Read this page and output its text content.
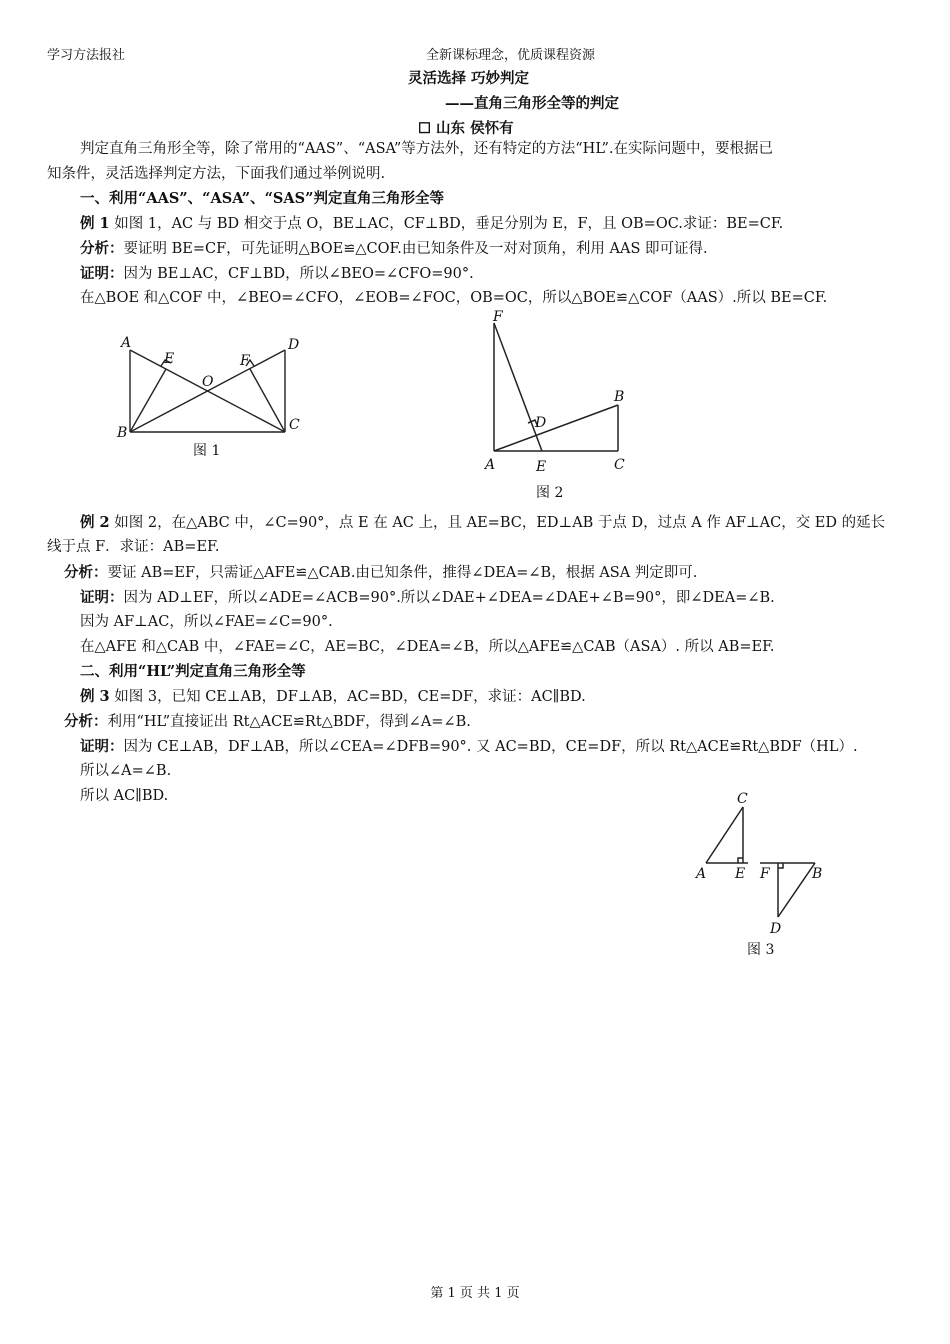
学习方法报社	全新课标理念，优质课程资源
灵活选择 巧妙判定
——直角三角形全等的判定
☐ 山东 侯怀有
判定直角三角形全等，除了常用的“AAS”、“ASA”等方法外，还有特定的方法“HL”.在实际问题中，要根据已
知条件，灵活选择判定方法，下面我们通过举例说明.
一、利用“AAS”、“ASA”、“SAS”判定直角三角形全等
例 1 如图 1，AC 与 BD 相交于点 O，BE⊥AC，CF⊥BD，垂足分别为 E，F，且 OB=OC.求证：BE=CF.
分析：要证明 BE=CF，可先证明△BOE≌△COF.由已知条件及一对对顶角，利用 AAS 即可证得.
证明：因为 BE⊥AC，CF⊥BD，所以∠BEO=∠CFO=90°.
在△BOE 和△COF 中，∠BEO=∠CFO，∠EOB=∠FOC，OB=OC，所以△BOE≌△COF（AAS）.所以 BE=CF.
A
B	C
D
E	F
O
图 1
F
A
B
C
D
E
图 2
例 2 如图 2，在△ABC 中，∠C=90°，点 E 在 AC 上，且 AE=BC，ED⊥AB 于点 D，过点 A 作 AF⊥AC，交 ED 的延长
线于点 F．求证：AB=EF.
分析：要证 AB=EF，只需证△AFE≌△CAB.由已知条件，推得∠DEA=∠B，根据 ASA 判定即可.
证明：因为 AD⊥EF，所以∠ADE=∠ACB=90°.所以∠DAE+∠DEA=∠DAE+∠B=90°，即∠DEA=∠B.
因为 AF⊥AC，所以∠FAE=∠C=90°.
在△AFE 和△CAB 中，∠FAE=∠C，AE=BC，∠DEA=∠B，所以△AFE≌△CAB（ASA）. 所以 AB=EF.
二、利用“HL”判定直角三角形全等
例 3 如图 3，已知 CE⊥AB，DF⊥AB，AC=BD，CE=DF，求证：AC∥BD.
分析：利用“HL”直接证出 Rt△ACE≌Rt△BDF，得到∠A=∠B.
证明：因为 CE⊥AB，DF⊥AB，所以∠CEA=∠DFB=90°. 又 AC=BD，CE=DF，所以 Rt△ACE≌Rt△BDF（HL）.
所以∠A=∠B.
所以 AC∥BD.	C
A E F	B
D
图 3
第 1 页 共 1 页
